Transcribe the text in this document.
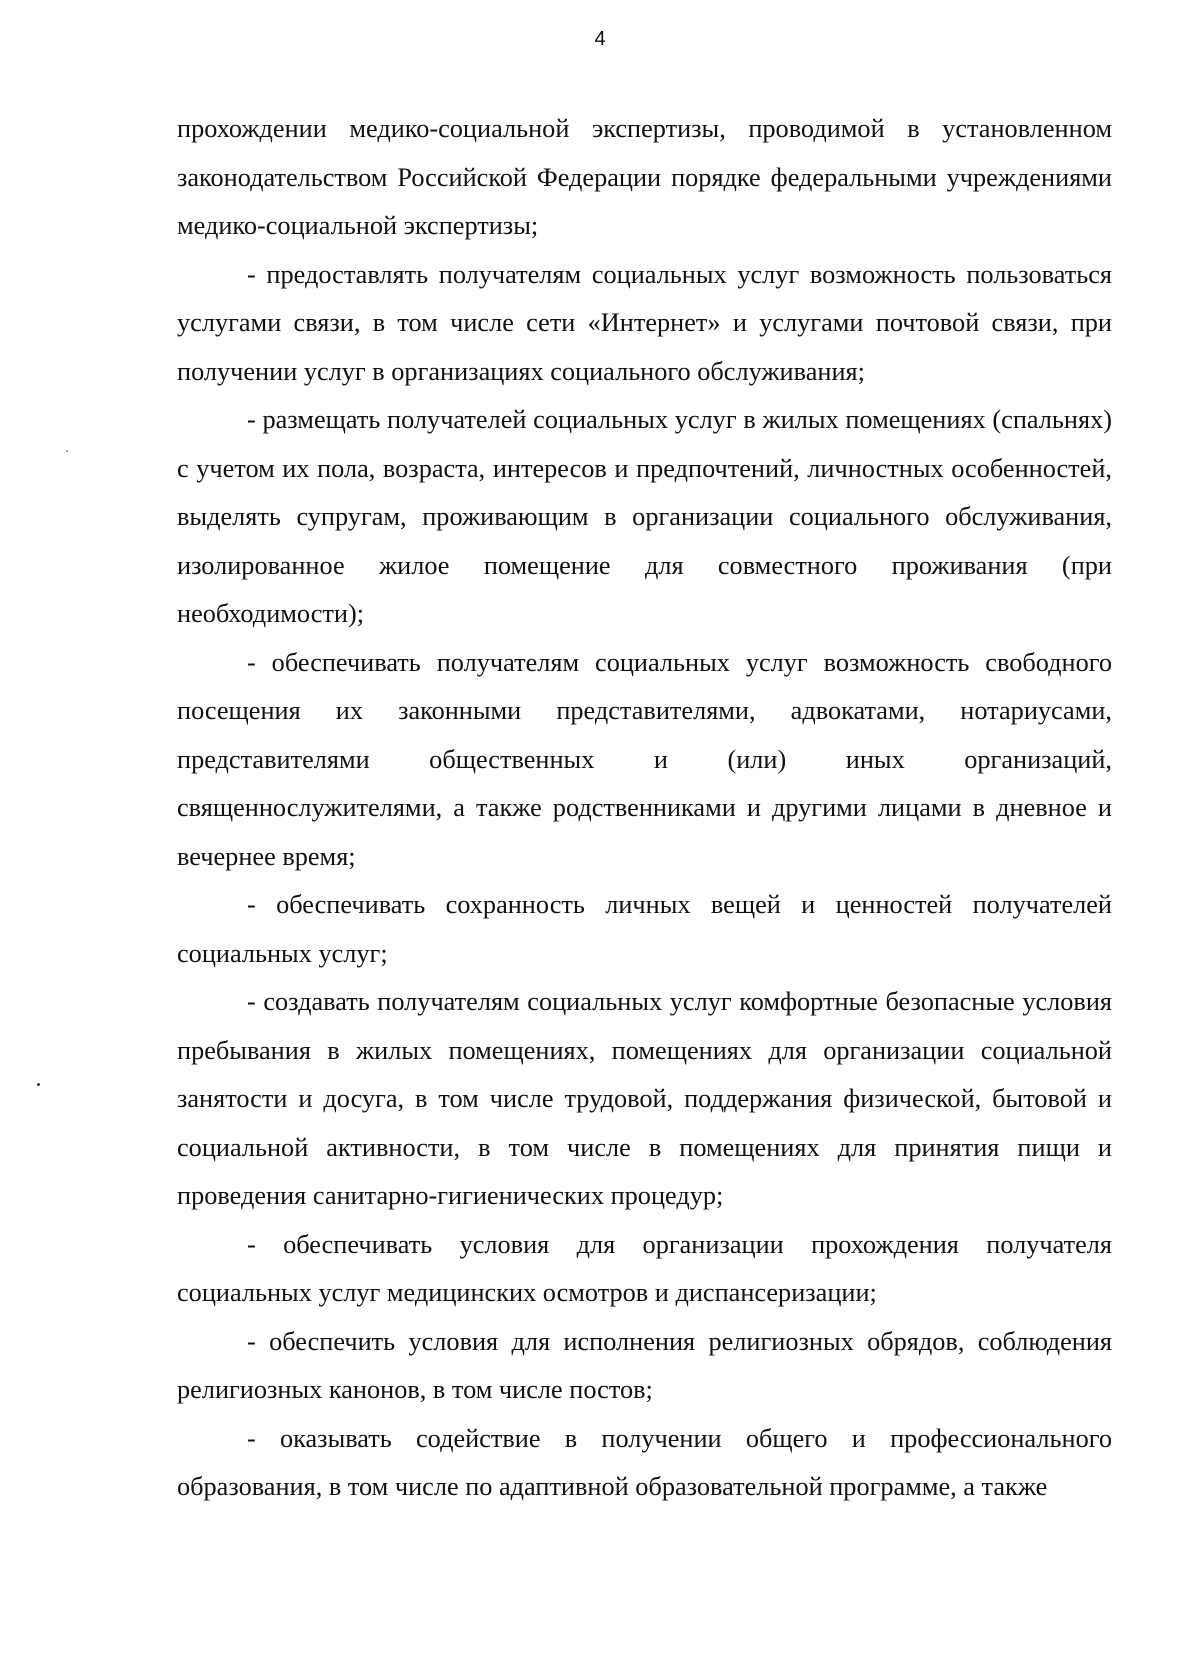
4

прохождении медико-социальной экспертизы, проводимой в установленном законодательством Российской Федерации порядке федеральными учреждениями медико-социальной экспертизы;

- предоставлять получателям социальных услуг возможность пользоваться услугами связи, в том числе сети «Интернет» и услугами почтовой связи, при получении услуг в организациях социального обслуживания;

- размещать получателей социальных услуг в жилых помещениях (спальнях) с учетом их пола, возраста, интересов и предпочтений, личностных особенностей, выделять супругам, проживающим в организации социального обслуживания, изолированное жилое помещение для совместного проживания (при необходимости);

- обеспечивать получателям социальных услуг возможность свободного посещения их законными представителями, адвокатами, нотариусами, представителями общественных и (или) иных организаций, священнослужителями, а также родственниками и другими лицами в дневное и вечернее время;

- обеспечивать сохранность личных вещей и ценностей получателей социальных услуг;

- создавать получателям социальных услуг комфортные безопасные условия пребывания в жилых помещениях, помещениях для организации социальной занятости и досуга, в том числе трудовой, поддержания физической, бытовой и социальной активности, в том числе в помещениях для принятия пищи и проведения санитарно-гигиенических процедур;

- обеспечивать условия для организации прохождения получателя социальных услуг медицинских осмотров и диспансеризации;

- обеспечить условия для исполнения религиозных обрядов, соблюдения религиозных канонов, в том числе постов;

- оказывать содействие в получении общего и профессионального образования, в том числе по адаптивной образовательной программе, а также
